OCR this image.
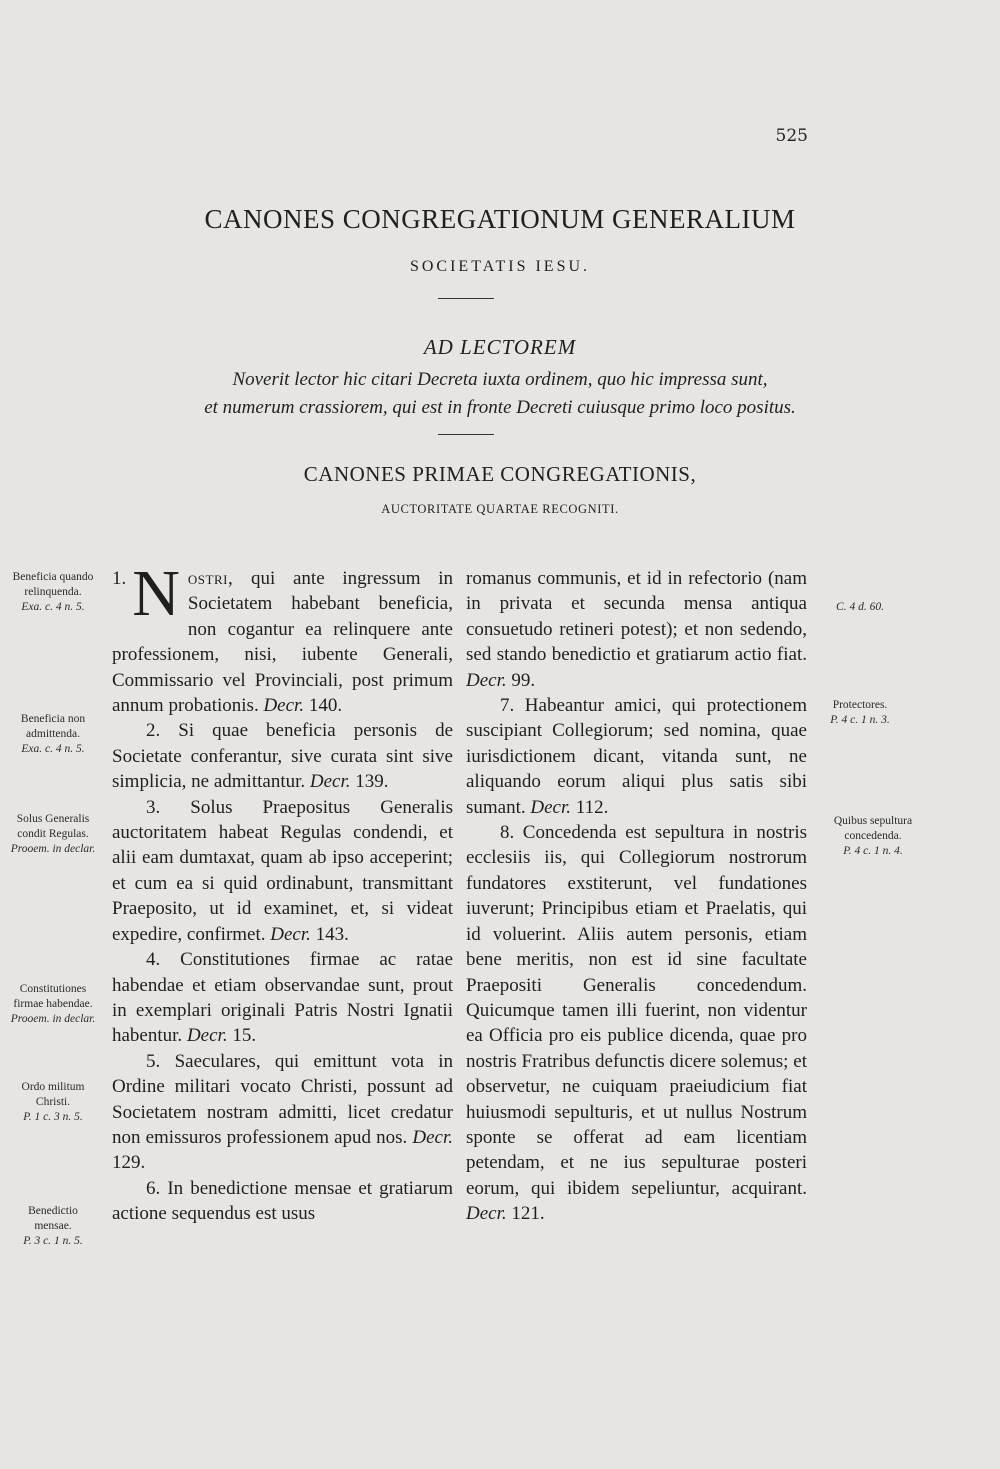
525
CANONES CONGREGATIONUM GENERALIUM
SOCIETATIS IESU.
AD LECTOREM
Noverit lector hic citari Decreta iuxta ordinem, quo hic impressa sunt,
et numerum crassiorem, qui est in fronte Decreti cuiusque primo loco positus.
CANONES PRIMAE CONGREGATIONIS,
AUCTORITATE QUARTAE RECOGNITI.

1. N ostri, qui ante ingressum in Societatem habebant beneficia, non cogantur ea relinquere ante professionem, nisi, iubente Generali, Commissario vel Provinciali, post primum annum probationis. Decr. 140.

2. Si quae beneficia personis de Societate conferantur, sive curata sint sive simplicia, ne admittantur. Decr. 139.

3. Solus Praepositus Generalis auctoritatem habeat Regulas condendi, et alii eam dumtaxat, quam ab ipso acceperint; et cum ea si quid ordinabunt, transmittant Praeposito, ut id examinet, et, si videat expedire, confirmet. Decr. 143.

4. Constitutiones firmae ac ratae habendae et etiam observandae sunt, prout in exemplari originali Patris Nostri Ignatii habentur. Decr. 15.

5. Saeculares, qui emittunt vota in Ordine militari vocato Christi, possunt ad Societatem nostram admitti, licet credatur non emissuros professionem apud nos. Decr. 129.

6. In benedictione mensae et gratiarum actione sequendus est usus

romanus communis, et id in refectorio (nam in privata et secunda mensa antiqua consuetudo retineri potest); et non sedendo, sed stando benedictio et gratiarum actio fiat. Decr. 99.

7. Habeantur amici, qui protectionem suscipiant Collegiorum; sed nomina, quae iurisdictionem dicant, vitanda sunt, ne aliquando eorum aliqui plus satis sibi sumant. Decr. 112.

8. Concedenda est sepultura in nostris ecclesiis iis, qui Collegiorum nostrorum fundatores exstiterunt, vel fundationes iuverunt; Principibus etiam et Praelatis, qui id voluerint. Aliis autem personis, etiam bene meritis, non est id sine facultate Praepositi Generalis concedendum. Quicumque tamen illi fuerint, non videntur ea Officia pro eis publice dicenda, quae pro nostris Fratribus defunctis dicere solemus; et observetur, ne cuiquam praeiudicium fiat huiusmodi sepulturis, et ut nullus Nostrum sponte se offerat ad eam licentiam petendam, et ne ius sepulturae posteri eorum, qui ibidem sepeliuntur, acquirant. Decr. 121.

Beneficia quando relinquenda.
Exa. c. 4 n. 5.
Beneficia non admittenda.
Exa. c. 4 n. 5.
Solus Generalis condit Regulas.
Prooem. in declar.
Constitutiones firmae habendae.
Prooem. in declar.
Ordo militum Christi.
P. 1 c. 3 n. 5.
Benedictio mensae.
P. 3 c. 1 n. 5.
C. 4 d. 60.
Protectores.
P. 4 c. 1 n. 3.
Quibus sepultura concedenda.
P. 4 c. 1 n. 4.
